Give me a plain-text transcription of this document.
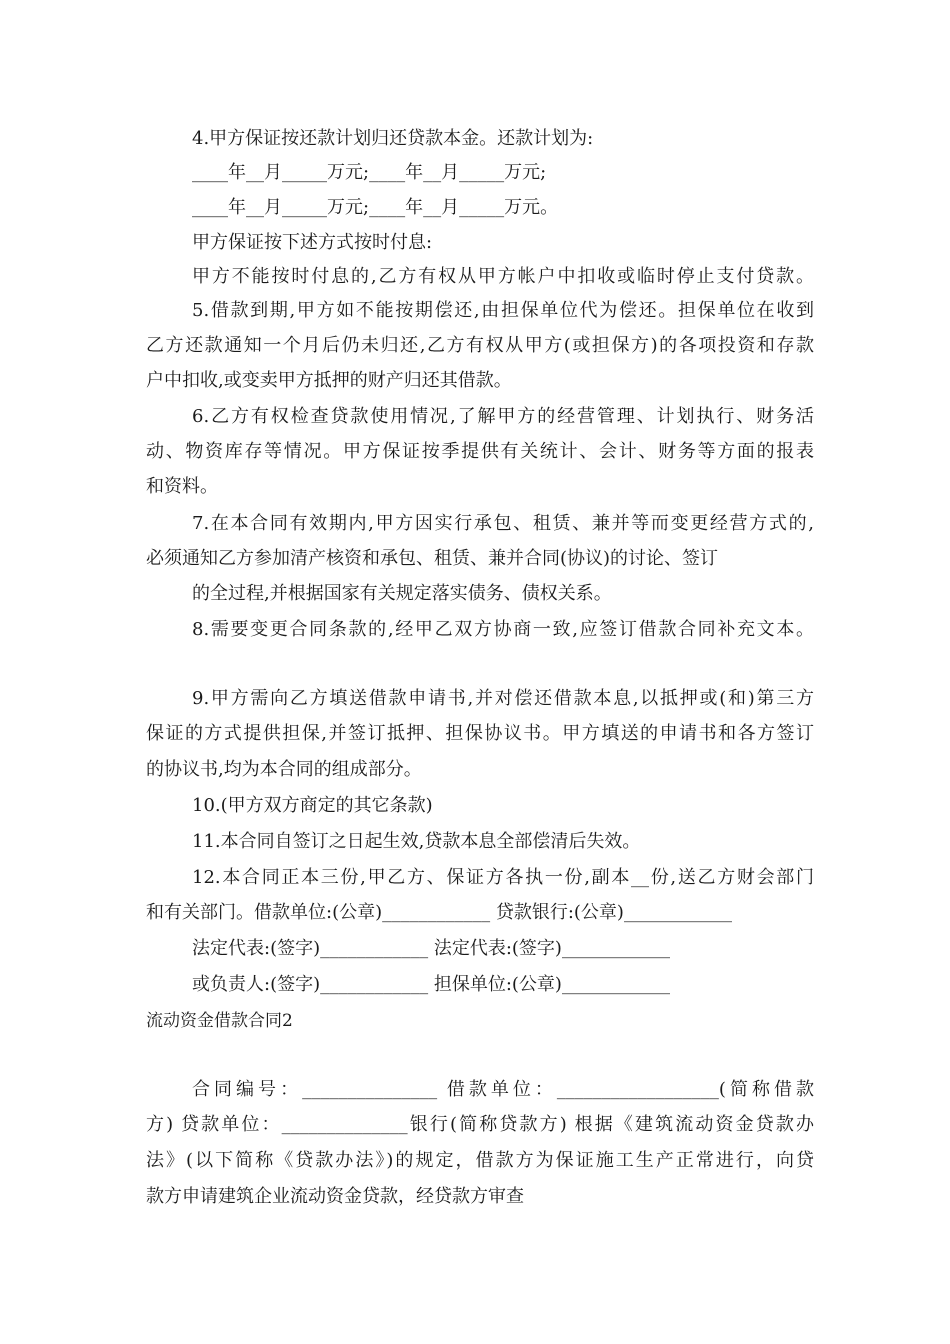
4.甲方保证按还款计划归还贷款本金。还款计划为:
____年__月_____万元;____年__月_____万元;
____年__月_____万元;____年__月_____万元。
甲方保证按下述方式按时付息:
甲方不能按时付息的,乙方有权从甲方帐户中扣收或临时停止支付贷款。
5.借款到期,甲方如不能按期偿还,由担保单位代为偿还。担保单位在收到
乙方还款通知一个月后仍未归还,乙方有权从甲方(或担保方)的各项投资和存款
户中扣收,或变卖甲方抵押的财产归还其借款。
6.乙方有权检查贷款使用情况,了解甲方的经营管理、计划执行、财务活
动、物资库存等情况。甲方保证按季提供有关统计、会计、财务等方面的报表
和资料。
7.在本合同有效期内,甲方因实行承包、租赁、兼并等而变更经营方式的,
必须通知乙方参加清产核资和承包、租赁、兼并合同(协议)的讨论、签订
的全过程,并根据国家有关规定落实债务、债权关系。
8.需要变更合同条款的,经甲乙双方协商一致,应签订借款合同补充文本。
9.甲方需向乙方填送借款申请书,并对偿还借款本息,以抵押或(和)第三方
保证的方式提供担保,并签订抵押、担保协议书。甲方填送的申请书和各方签订
的协议书,均为本合同的组成部分。
10.(甲方双方商定的其它条款)
11.本合同自签订之日起生效,贷款本息全部偿清后失效。
12.本合同正本三份,甲乙方、保证方各执一份,副本__份,送乙方财会部门
和有关部门。借款单位:(公章)____________ 贷款银行:(公章)____________
法定代表:(签字)____________ 法定代表:(签字)____________
或负责人:(签字)____________ 担保单位:(公章)____________
流动资金借款合同2
合同编号：_______________ 借款单位：__________________(简称借款
方) 贷款单位：______________银行(简称贷款方) 根据《建筑流动资金贷款办
法》(以下简称《贷款办法》)的规定，借款方为保证施工生产正常进行，向贷
款方申请建筑企业流动资金贷款，经贷款方审查
